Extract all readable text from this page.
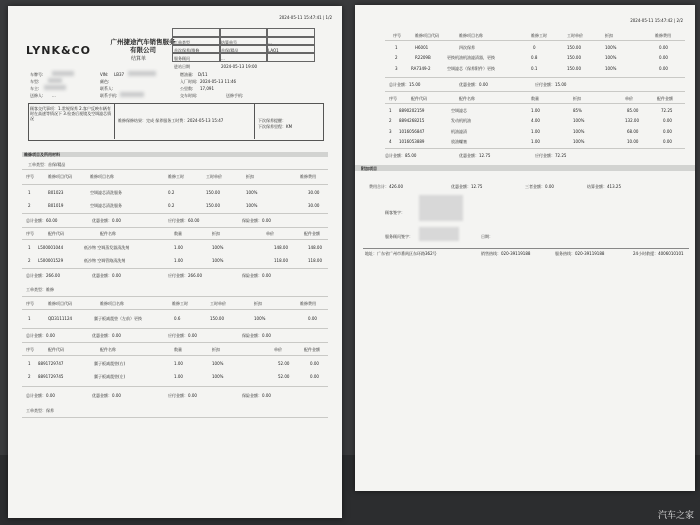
2024-05-11 15:47:41 | 1/2
LYNK&CO
广州捷途汽车销售服务
有限公司
结算单
工单类型	结算单号	...
首次保养/维修	首保/精品	LAO1
服务顾问	...
进站日期	2024-05-13 19:00
车牌号:	VIN: LB37	燃油量: D/11
车型:	颜色:	入厂时间: 2024-05-13 11:46
车主:	联系人:	公里数: 17,091
送修人: ...	联系手机:	交车时间:	送修手机:
顾客交代事项：1.常规保养 2.客户反映车辆有时在高速等情况下 3.检查后视镜及空调滤芯情况	维修保修结果：完成 保养服务工时费：2024-05-13 15:47	下次保养提醒：
下次保养里程：KM
维修项目及所用材料
工单类型：首保/精品
序号	维修项目代码	维修项目名称	维修工时	工时单价	折扣	维修费用
1	B01023	空调滤芯清洗服务	0.2	150.00	100%	30.00
2	B01019	空调滤芯清洗服务	0.2	150.00	100%	30.00
总计金额：60.00	优惠金额：0.00	应付金额：60.00	保险金额：0.00
序号	配件代码	配件名称	数量	折扣	单价	配件金额
1 L500001044	低沙物 空调蒸发器清洗剂	1.00	100%	148.00	148.00
2 L500001529	低沙物 空调管路清洗剂	1.00	100%	118.00	118.00
总计金额：266.00	优惠金额：0.00	应付金额：266.00	保险金额：0.00
工单类型：维修
序号	维修项目代码	维修项目名称	维修工时	工时单价	折扣	维修费用
1	QD3111124	翼子板减震垫（左前）更换	0.6	150.00	100%	0.00
总计金额：0.00	优惠金额：0.00	应付金额：0.00	保险金额：0.00
序号	配件代码	配件名称	数量	折扣	单价	配件金额
1 8891729747	翼子板减震垫(右)	1.00	100%	52.00	0.00
2 8891729745	翼子板减震垫(左)	1.00	100%	52.00	0.00
总计金额：0.00	优惠金额：0.00	应付金额：0.00	保险金额：0.00
工单类型：保养
2024-05-11 15:47:42 | 2/2
序号	维修项目代码	维修项目名称	维修工时	工时单价	折扣	维修费用
1	H6001	四次保养	0	150.00	100%	0.00
2	R2209B	更换机油机油滤清器，更换	0.8	150.00	100%	0.00
3	RA7349-2	空调滤芯（保养附件）更换	0.1	150.00	100%	0.00
总计金额：15.00	优惠金额：0.00	应付金额：15.00
序号	配件代码	配件名称	数量	折扣	单价	配件金额
1 8890202159	空调滤芯	1.00	85%	85.00	72.25
2 8894268215	发动机机油	4.00	100%	132.00	0.00
3 1016056847	机油滤清	1.00	100%	68.00	0.00
4 1016053889	放油螺塞	1.00	100%	10.00	0.00
总计金额：85.00	优惠金额：12.75	应付金额：72.25
附加项目
费用合计：426.00	优惠金额：12.75	三者金额：0.00	结算金额：413.25
顾客签字：
服务顾问签字：	日期：
地址：广东省广州市番禺区东环路362号	销售热线：020-39119188	服务热线：020-39119188	24小时救援：4006010101
汽车之家
